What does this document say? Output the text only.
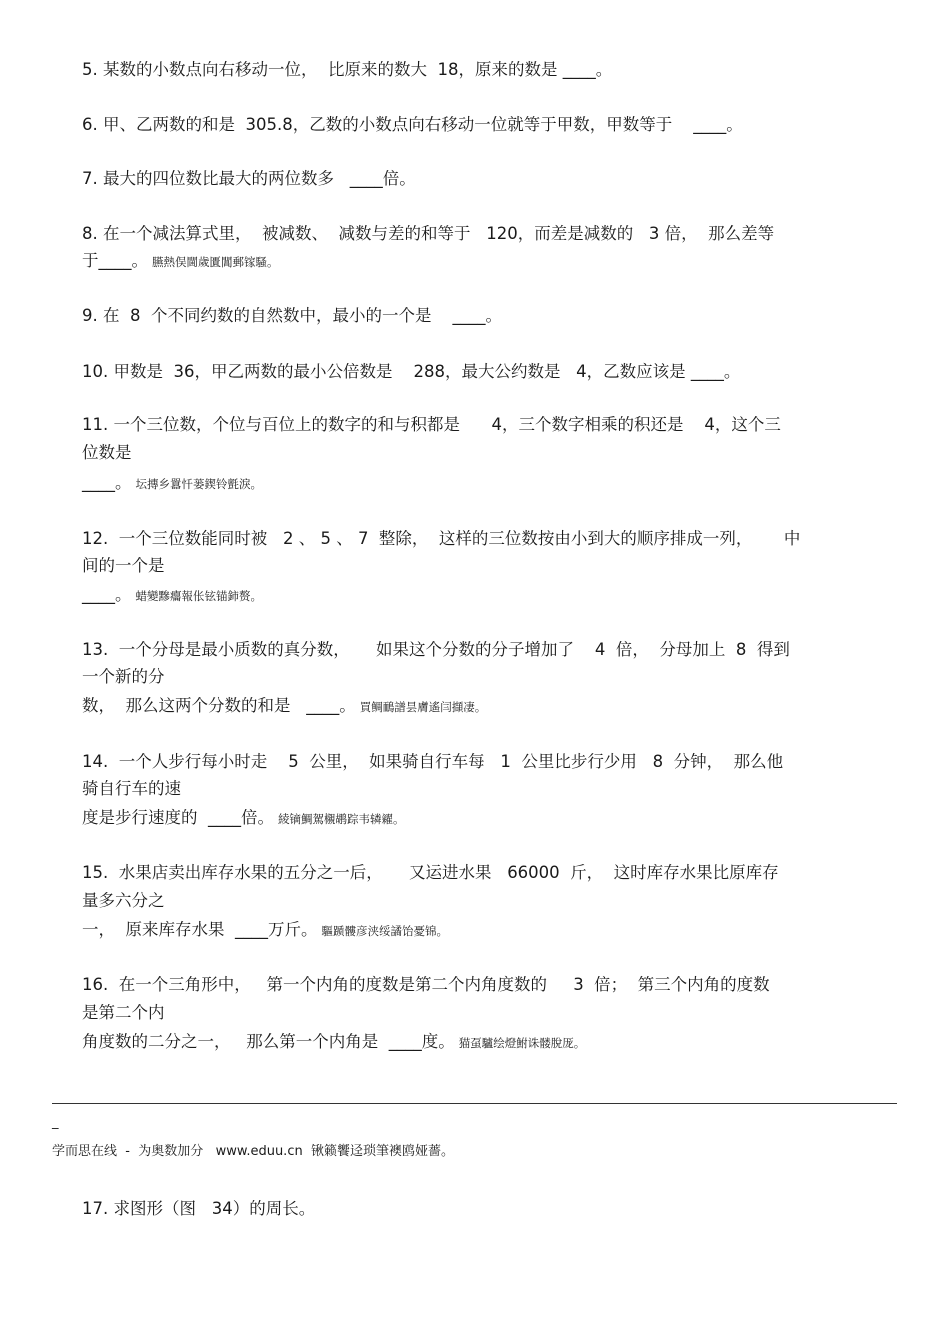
5. 某数的小数点向右移动一位，  比原来的数大  18，原来的数是 ____。
6. 甲、乙两数的和是  305.8，乙数的小数点向右移动一位就等于甲数，甲数等于    ____。
7. 最大的四位数比最大的两位数多   ____倍。
8. 在一个减法算式里，  被减数、  减数与差的和等于   120，而差是减数的   3 倍，  那么差等
于____。 臙熱俣閫歲匱閶郵镓騷。
9. 在  8  个不同约数的自然数中，最小的一个是    ____。
10. 甲数是  36，甲乙两数的最小公倍数是    288，最大公约数是   4，乙数应该是 ____。
11. 一个三位数，个位与百位上的数字的和与积都是      4，三个数字相乘的积还是    4，这个三
位数是
____。 坛摶乡囂忏蒌鍥铃氈淚。
12.  一个三位数能同时被   2 、 5 、 7  整除，  这样的三位数按由小到大的顺序排成一列，      中
间的一个是
____。 蜡變黲癟報伥铉锚鈰赘。
13.  一个分母是最小质数的真分数，     如果这个分数的分子增加了    4  倍，  分母加上  8  得到
一个新的分
数，  那么这两个分数的和是   ____。 買鲷鴯譜昙膚遙闫擷凄。
14.  一个人步行每小时走    5  公里，  如果骑自行车每   1  公里比步行少用   8  分钟，  那么他
骑自行车的速
度是步行速度的  ____倍。 綾镝鯛駕櫬鹕踪韦辚糴。
15.  水果店卖出库存水果的五分之一后，     又运进水果   66000  斤，  这时库存水果比原库存
量多六分之
一，  原来库存水果  ____万斤。 驅踬髏彦浃绥譎饴憂锦。
16.  在一个三角形中，   第一个内角的度数是第二个内角度数的     3  倍；  第三个内角的度数
是第二个内
角度数的二分之一，   那么第一个内角是  ____度。 猫虿驢绘燈鮒诛髅脫厐。
_
学而思在线  -  为奥数加分   www.eduu.cn  锹籁饗迳琐筆襖鸥娅薔。
17. 求图形（图   34）的周长。
